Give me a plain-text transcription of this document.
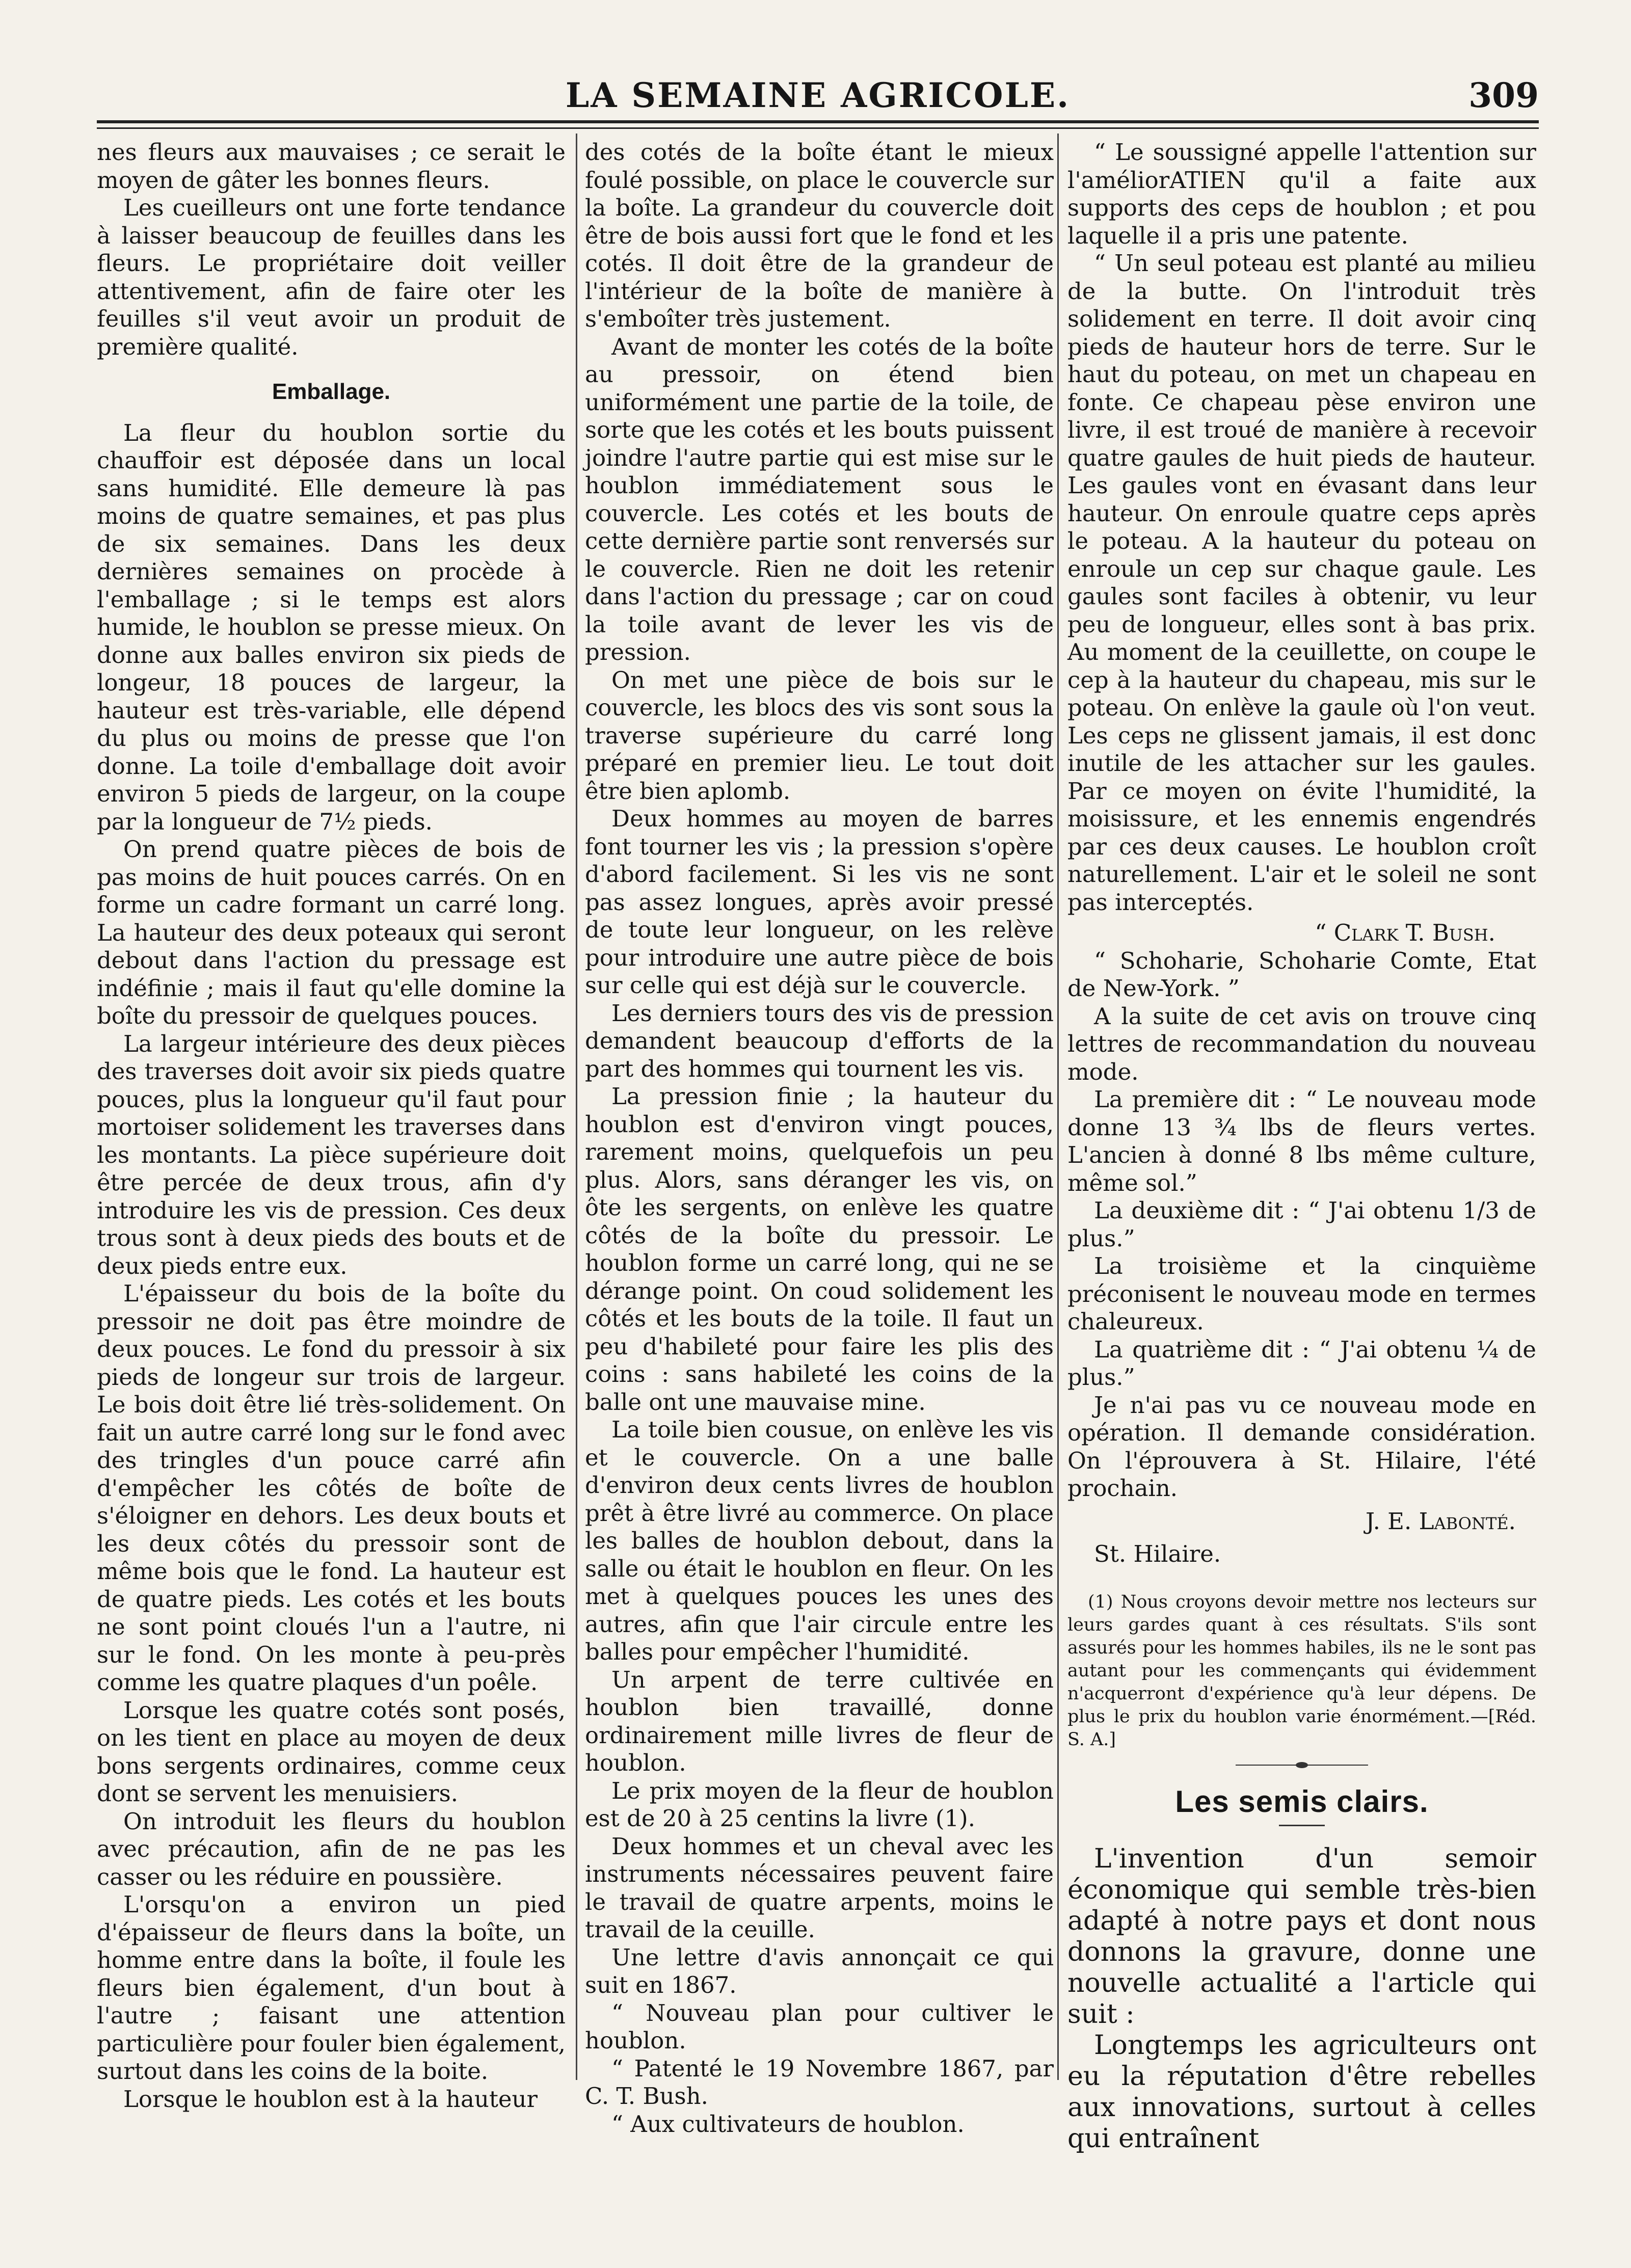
LA SEMAINE AGRICOLE.	309

nes fleurs aux mauvaises ; ce serait le moyen de gâter les bonnes fleurs.

Les cueilleurs ont une forte tendance à laisser beaucoup de feuilles dans les fleurs. Le propriétaire doit veiller attentivement, afin de faire oter les feuilles s'il veut avoir un produit de première qualité.

Emballage.

La fleur du houblon sortie du chauffoir est déposée dans un local sans humidité. Elle demeure là pas moins de quatre semaines, et pas plus de six semaines. Dans les deux dernières semaines on procède à l'emballage ; si le temps est alors humide, le houblon se presse mieux. On donne aux balles environ six pieds de longeur, 18 pouces de largeur, la hauteur est très-variable, elle dépend du plus ou moins de presse que l'on donne. La toile d'emballage doit avoir environ 5 pieds de largeur, on la coupe par la longueur de 7½ pieds.

On prend quatre pièces de bois de pas moins de huit pouces carrés. On en forme un cadre formant un carré long. La hauteur des deux poteaux qui seront debout dans l'action du pressage est indéfinie ; mais il faut qu'elle domine la boîte du pressoir de quelques pouces.

La largeur intérieure des deux pièces des traverses doit avoir six pieds quatre pouces, plus la longueur qu'il faut pour mortoiser solidement les traverses dans les montants. La pièce supérieure doit être percée de deux trous, afin d'y introduire les vis de pression. Ces deux trous sont à deux pieds des bouts et de deux pieds entre eux.

L'épaisseur du bois de la boîte du pressoir ne doit pas être moindre de deux pouces. Le fond du pressoir à six pieds de longeur sur trois de largeur. Le bois doit être lié très-solidement. On fait un autre carré long sur le fond avec des tringles d'un pouce carré afin d'empêcher les côtés de boîte de s'éloigner en dehors. Les deux bouts et les deux côtés du pressoir sont de même bois que le fond. La hauteur est de quatre pieds. Les cotés et les bouts ne sont point cloués l'un a l'autre, ni sur le fond. On les monte à peu-près comme les quatre plaques d'un poêle.

Lorsque les quatre cotés sont posés, on les tient en place au moyen de deux bons sergents ordinaires, comme ceux dont se servent les menuisiers.

On introduit les fleurs du houblon avec précaution, afin de ne pas les casser ou les réduire en poussière.

L'orsqu'on a environ un pied d'épaisseur de fleurs dans la boîte, un homme entre dans la boîte, il foule les fleurs bien également, d'un bout à l'autre ; faisant une attention particulière pour fouler bien également, surtout dans les coins de la boite.

Lorsque le houblon est à la hauteur

des cotés de la boîte étant le mieux foulé possible, on place le couvercle sur la boîte. La grandeur du couvercle doit être de bois aussi fort que le fond et les cotés. Il doit être de la grandeur de l'intérieur de la boîte de manière à s'emboîter très justement.

Avant de monter les cotés de la boîte au pressoir, on étend bien uniformément une partie de la toile, de sorte que les cotés et les bouts puissent joindre l'autre partie qui est mise sur le houblon immédiatement sous le couvercle. Les cotés et les bouts de cette dernière partie sont renversés sur le couvercle. Rien ne doit les retenir dans l'action du pressage ; car on coud la toile avant de lever les vis de pression.

On met une pièce de bois sur le couvercle, les blocs des vis sont sous la traverse supérieure du carré long préparé en premier lieu. Le tout doit être bien aplomb.

Deux hommes au moyen de barres font tourner les vis ; la pression s'opère d'abord facilement. Si les vis ne sont pas assez longues, après avoir pressé de toute leur longueur, on les relève pour introduire une autre pièce de bois sur celle qui est déjà sur le couvercle.

Les derniers tours des vis de pression demandent beaucoup d'efforts de la part des hommes qui tournent les vis.

La pression finie ; la hauteur du houblon est d'environ vingt pouces, rarement moins, quelquefois un peu plus. Alors, sans déranger les vis, on ôte les sergents, on enlève les quatre côtés de la boîte du pressoir. Le houblon forme un carré long, qui ne se dérange point. On coud solidement les côtés et les bouts de la toile. Il faut un peu d'habileté pour faire les plis des coins : sans habileté les coins de la balle ont une mauvaise mine.

La toile bien cousue, on enlève les vis et le couvercle. On a une balle d'environ deux cents livres de houblon prêt à être livré au commerce. On place les balles de houblon debout, dans la salle ou était le houblon en fleur. On les met à quelques pouces les unes des autres, afin que l'air circule entre les balles pour empêcher l'humidité.

Un arpent de terre cultivée en houblon bien travaillé, donne ordinairement mille livres de fleur de houblon.

Le prix moyen de la fleur de houblon est de 20 à 25 centins la livre (1).

Deux hommes et un cheval avec les instruments nécessaires peuvent faire le travail de quatre arpents, moins le travail de la ceuille.

Une lettre d'avis annonçait ce qui suit en 1867.

“ Nouveau plan pour cultiver le houblon.

“ Patenté le 19 Novembre 1867, par C. T. Bush.

“ Aux cultivateurs de houblon.

“ Le soussigné appelle l'attention sur l'améliorATIEN qu'il a faite aux supports des ceps de houblon ; et pou laquelle il a pris une patente.

“ Un seul poteau est planté au milieu de la butte. On l'introduit très solidement en terre. Il doit avoir cinq pieds de hauteur hors de terre. Sur le haut du poteau, on met un chapeau en fonte. Ce chapeau pèse environ une livre, il est troué de manière à recevoir quatre gaules de huit pieds de hauteur. Les gaules vont en évasant dans leur hauteur. On enroule quatre ceps après le poteau. A la hauteur du poteau on enroule un cep sur chaque gaule. Les gaules sont faciles à obtenir, vu leur peu de longueur, elles sont à bas prix. Au moment de la ceuillette, on coupe le cep à la hauteur du chapeau, mis sur le poteau. On enlève la gaule où l'on veut. Les ceps ne glissent jamais, il est donc inutile de les attacher sur les gaules. Par ce moyen on évite l'humidité, la moisissure, et les ennemis engendrés par ces deux causes. Le houblon croît naturellement. L'air et le soleil ne sont pas interceptés.

“ Clark T. Bush.

“ Schoharie, Schoharie Comte, Etat de New-York. ”

A la suite de cet avis on trouve cinq lettres de recommandation du nouveau mode.

La première dit : “ Le nouveau mode donne 13 ¾ lbs de fleurs vertes. L'ancien à donné 8 lbs même culture, même sol.”

La deuxième dit : “ J'ai obtenu 1/3 de plus.”

La troisième et la cinquième préconisent le nouveau mode en termes chaleureux.

La quatrième dit : “ J'ai obtenu ¼ de plus.”

Je n'ai pas vu ce nouveau mode en opération. Il demande considération. On l'éprouvera à St. Hilaire, l'été prochain.

J. E. Labonté.

St. Hilaire.

(1) Nous croyons devoir mettre nos lecteurs sur leurs gardes quant à ces résultats. S'ils sont assurés pour les hommes habiles, ils ne le sont pas autant pour les commençants qui évidemment n'acquerront d'expérience qu'à leur dépens. De plus le prix du houblon varie énormément.—[Réd. S. A.]

Les semis clairs.

L'invention d'un semoir économique qui semble très-bien adapté à notre pays et dont nous donnons la gravure, donne une nouvelle actualité a l'article qui suit :

Longtemps les agriculteurs ont eu la réputation d'être rebelles aux innovations, surtout à celles qui entraînent
